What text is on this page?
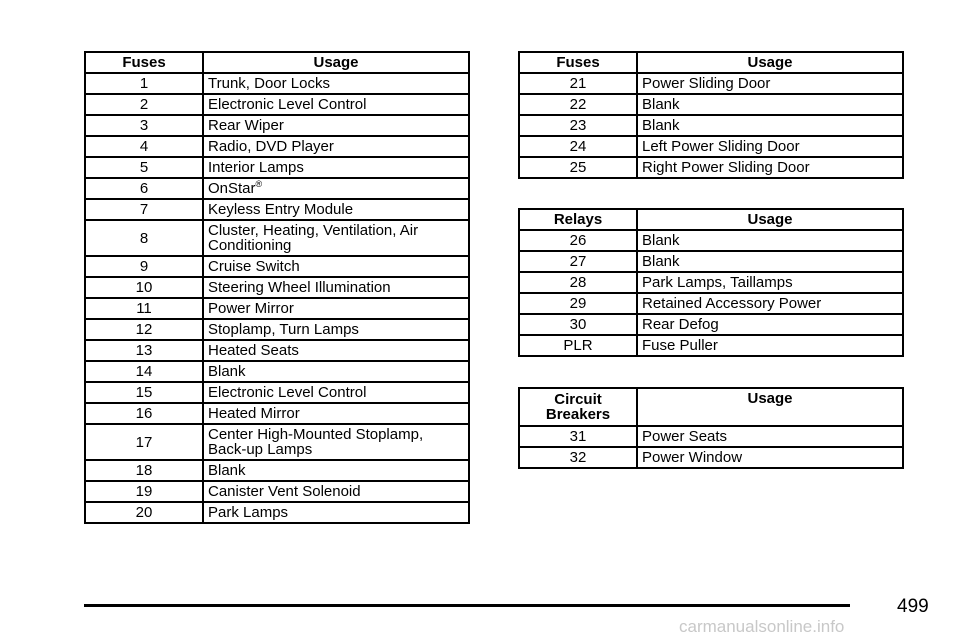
Fuses	Usage
1	Trunk, Door Locks
2	Electronic Level Control
3	Rear Wiper
4	Radio, DVD Player
5	Interior Lamps
6	OnStar®
7	Keyless Entry Module
8	Cluster, Heating, Ventilation, Air Conditioning
9	Cruise Switch
10	Steering Wheel Illumination
11	Power Mirror
12	Stoplamp, Turn Lamps
13	Heated Seats
14	Blank
15	Electronic Level Control
16	Heated Mirror
17	Center High-Mounted Stoplamp, Back-up Lamps
18	Blank
19	Canister Vent Solenoid
20	Park Lamps
Fuses	Usage
21	Power Sliding Door
22	Blank
23	Blank
24	Left Power Sliding Door
25	Right Power Sliding Door
Relays	Usage
26	Blank
27	Blank
28	Park Lamps, Taillamps
29	Retained Accessory Power
30	Rear Defog
PLR	Fuse Puller
Circuit Breakers	Usage
31	Power Seats
32	Power Window
499
carmanualsonline.info
